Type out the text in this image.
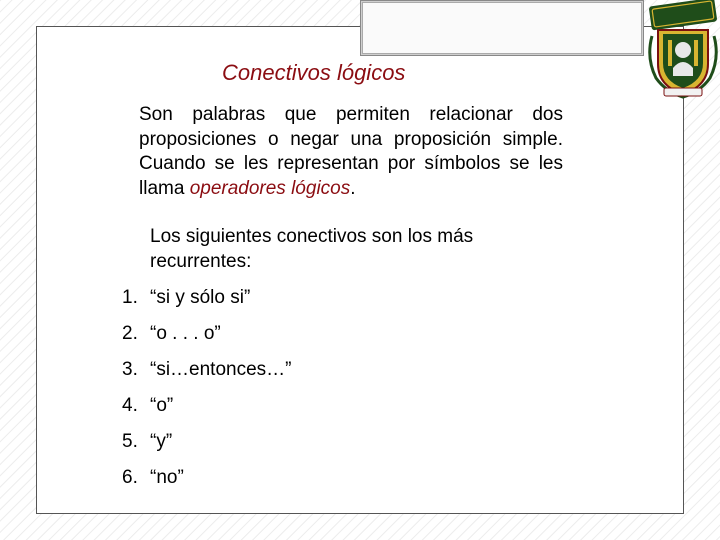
Conectivos lógicos

Son palabras que permiten relacionar dos proposiciones o negar una proposición simple. Cuando se les representan por símbolos se les llama operadores lógicos.

Los siguientes conectivos son los más recurrentes:

1. “si y sólo si”
2. “o . . . o”
3. “si…entonces…”
4. “o”
5. “y”
6. “no”
